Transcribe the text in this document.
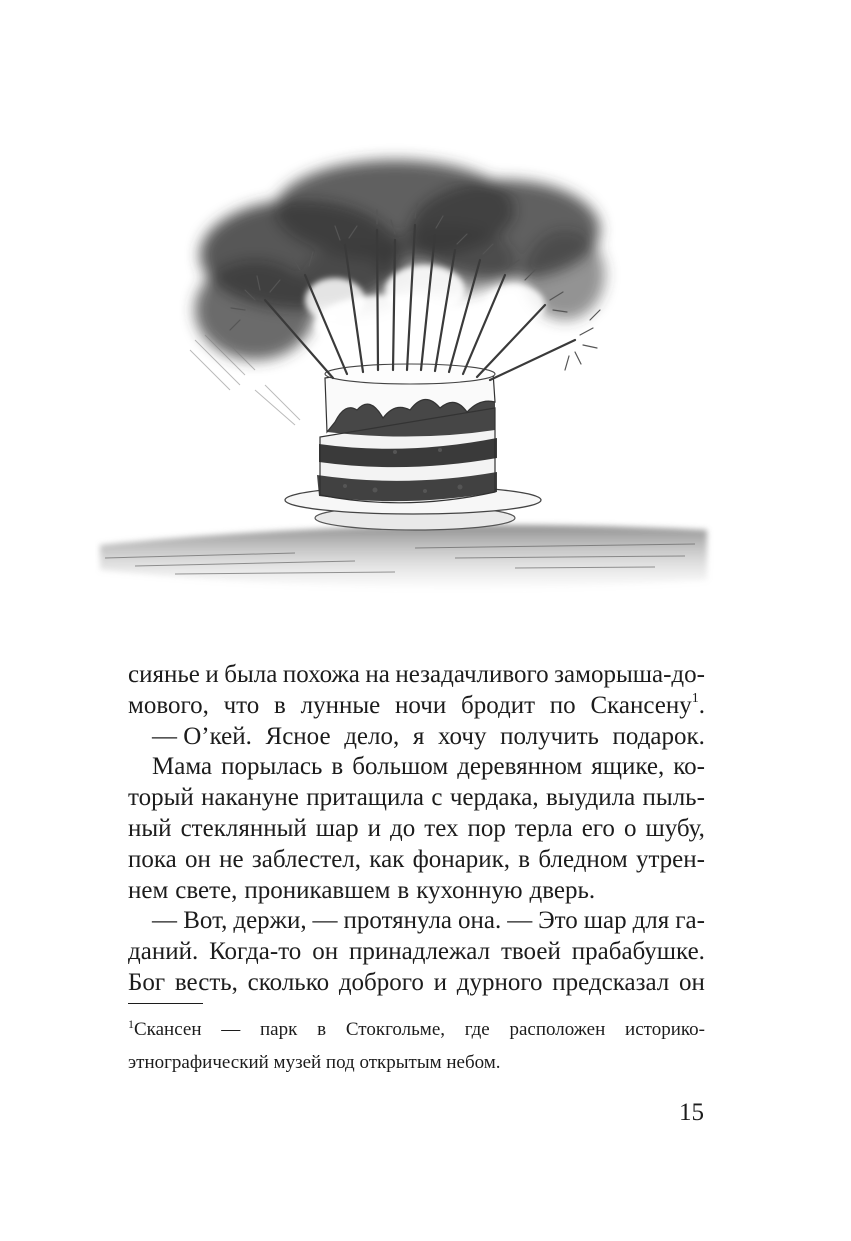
сиянье и была похожа на незадачливого заморыша-до-
мового, что в лунные ночи бродит по Скансену$^1$.
— О’кей. Ясное дело, я хочу получить подарок.
Мама порылась в большом деревянном ящике, ко-
торый накануне притащила с чердака, выудила пыль-
ный стеклянный шар и до тех пор терла его о шубу,
пока он не заблестел, как фонарик, в бледном утрен-
нем свете, проникавшем в кухонную дверь.
— Вот, держи, — протянула она. — Это шар для га-
даний. Когда-то он принадлежал твоей прабабушке.
Бог весть, сколько доброго и дурного предсказал он
$^1$Скансен — парк в Стокгольме, где расположен историко-
этнографический музей под открытым небом.
15
